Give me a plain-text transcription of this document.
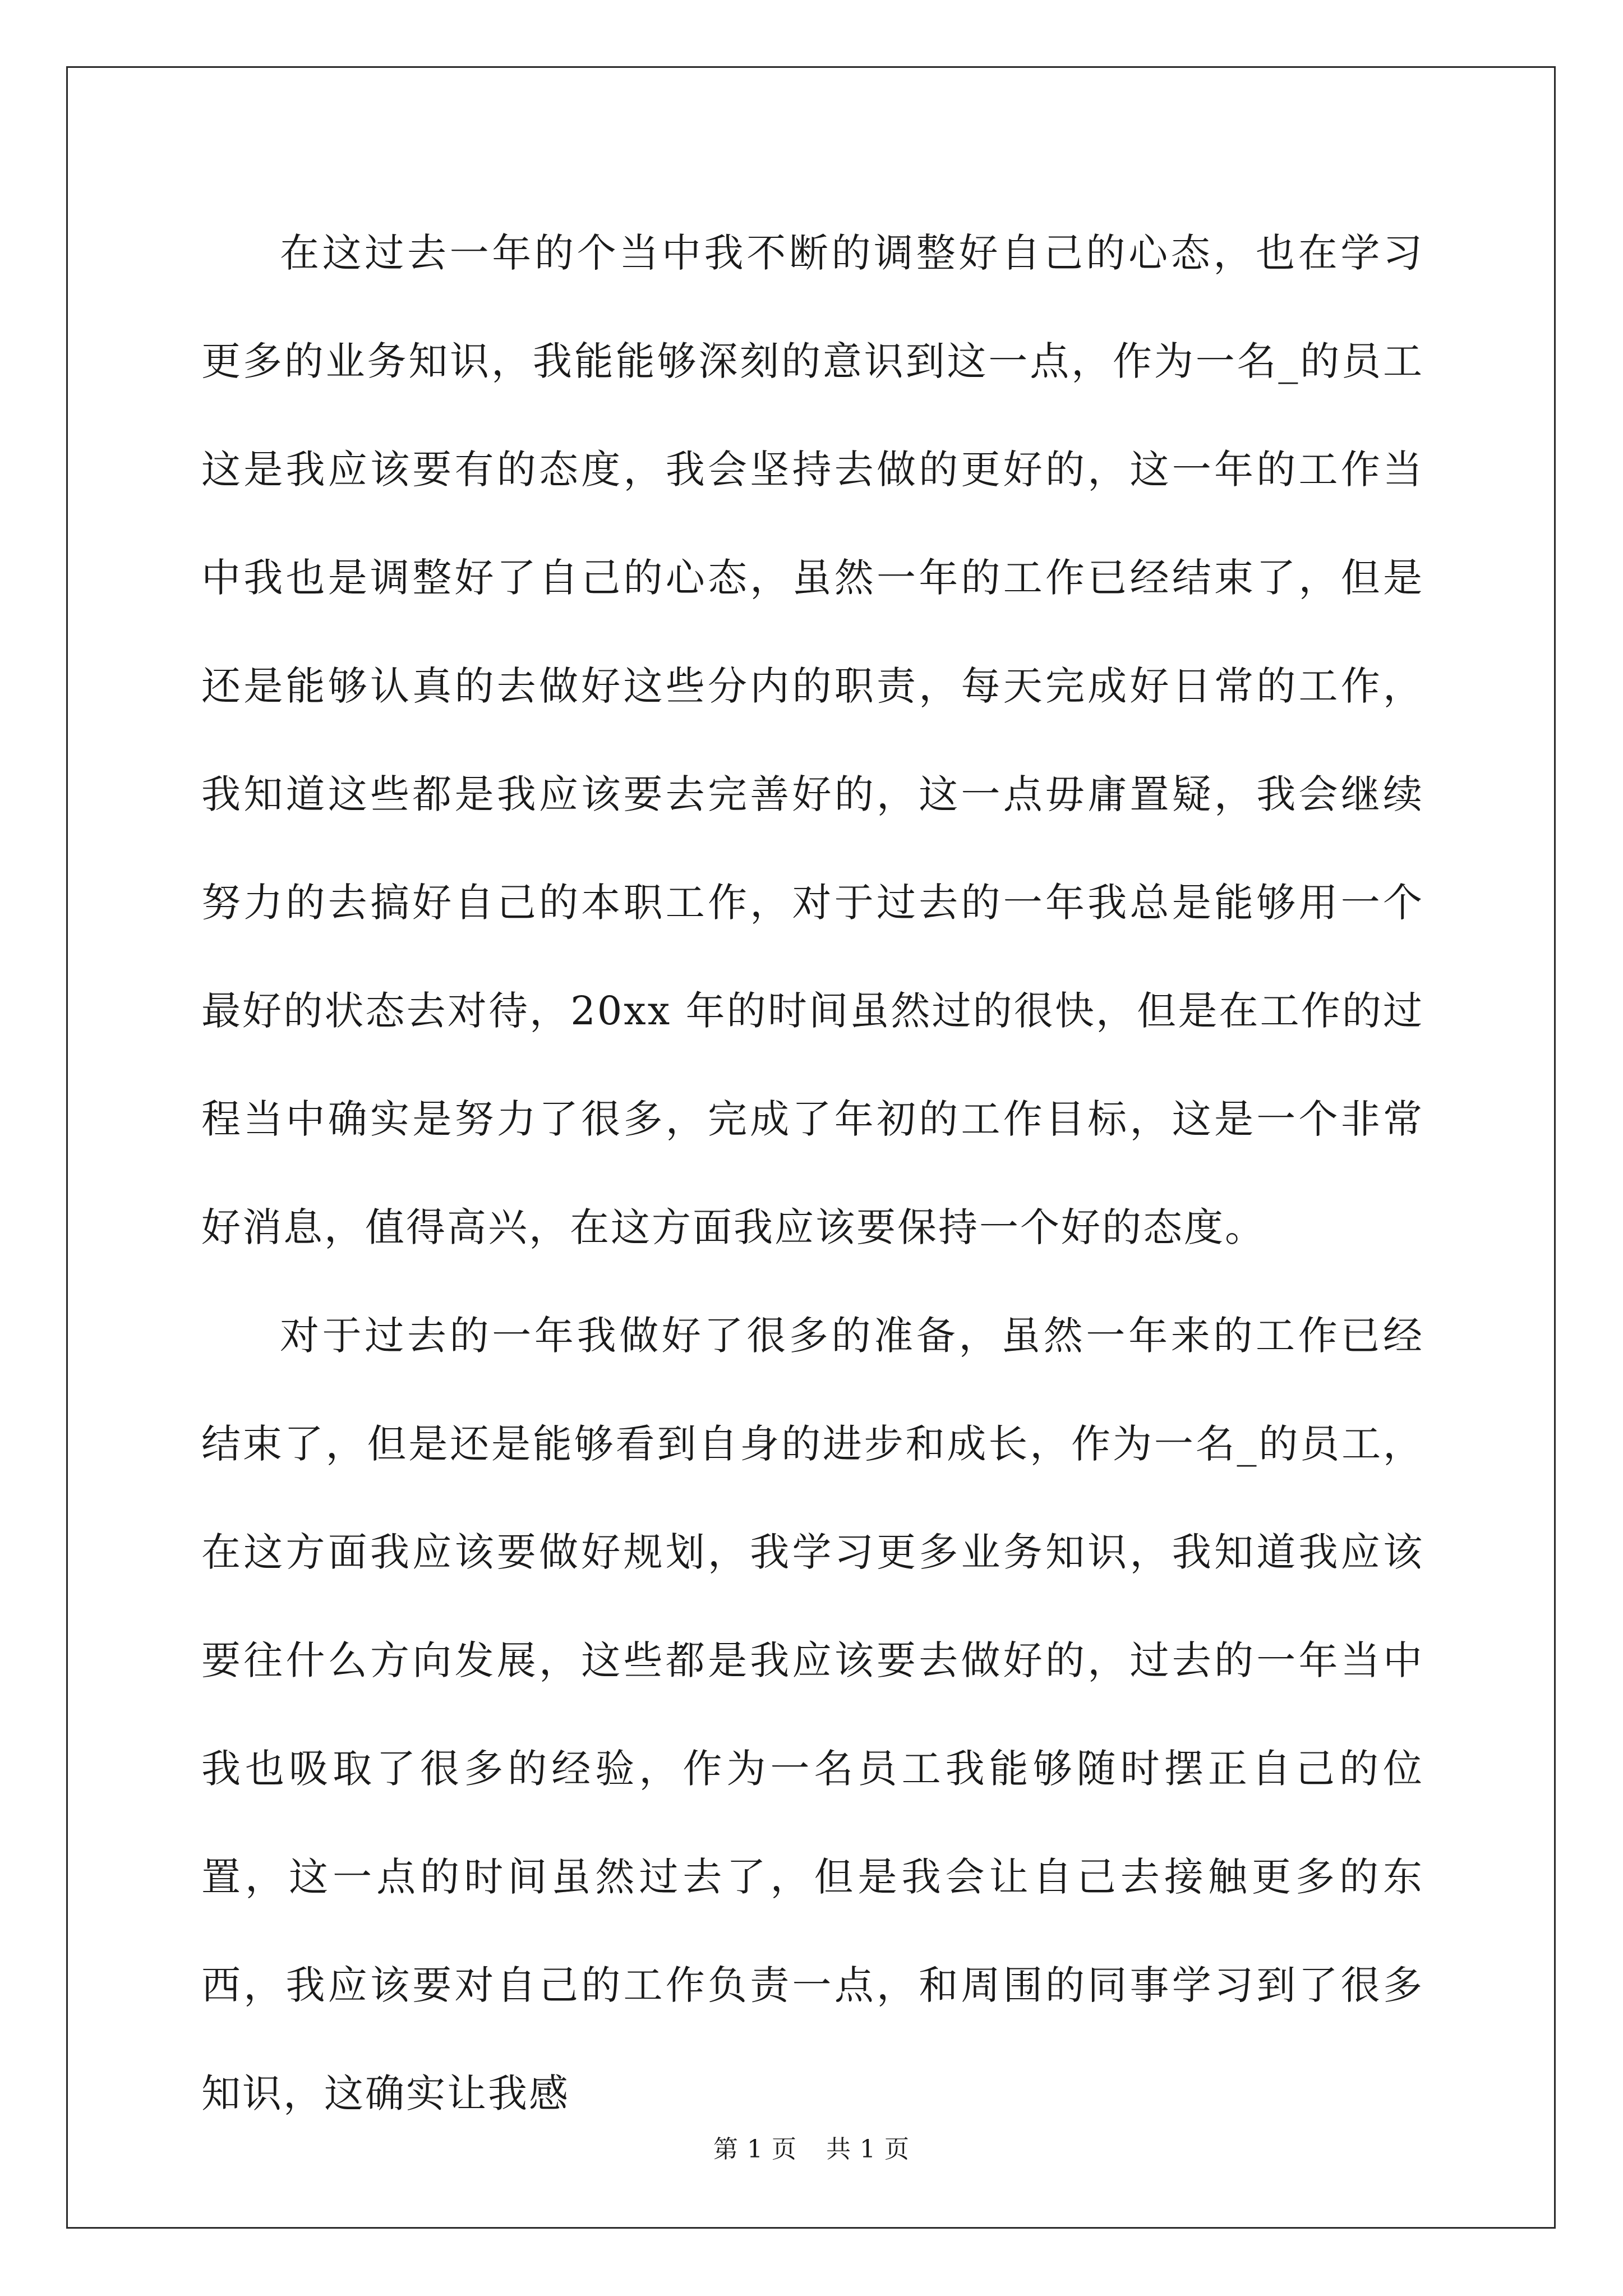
在这过去一年的个当中我不断的调整好自己的心态，也在学习更多的业务知识，我能能够深刻的意识到这一点，作为一名_的员工这是我应该要有的态度，我会坚持去做的更好的，这一年的工作当中我也是调整好了自己的心态，虽然一年的工作已经结束了，但是还是能够认真的去做好这些分内的职责，每天完成好日常的工作，我知道这些都是我应该要去完善好的，这一点毋庸置疑，我会继续努力的去搞好自己的本职工作，对于过去的一年我总是能够用一个最好的状态去对待，20xx 年的时间虽然过的很快，但是在工作的过程当中确实是努力了很多，完成了年初的工作目标，这是一个非常好消息，值得高兴，在这方面我应该要保持一个好的态度。

对于过去的一年我做好了很多的准备，虽然一年来的工作已经结束了，但是还是能够看到自身的进步和成长，作为一名_的员工，在这方面我应该要做好规划，我学习更多业务知识，我知道我应该要往什么方向发展，这些都是我应该要去做好的，过去的一年当中我也吸取了很多的经验，作为一名员工我能够随时摆正自己的位置，这一点的时间虽然过去了，但是我会让自己去接触更多的东西，我应该要对自己的工作负责一点，和周围的同事学习到了很多知识，这确实让我感

第 1 页 共 1 页
